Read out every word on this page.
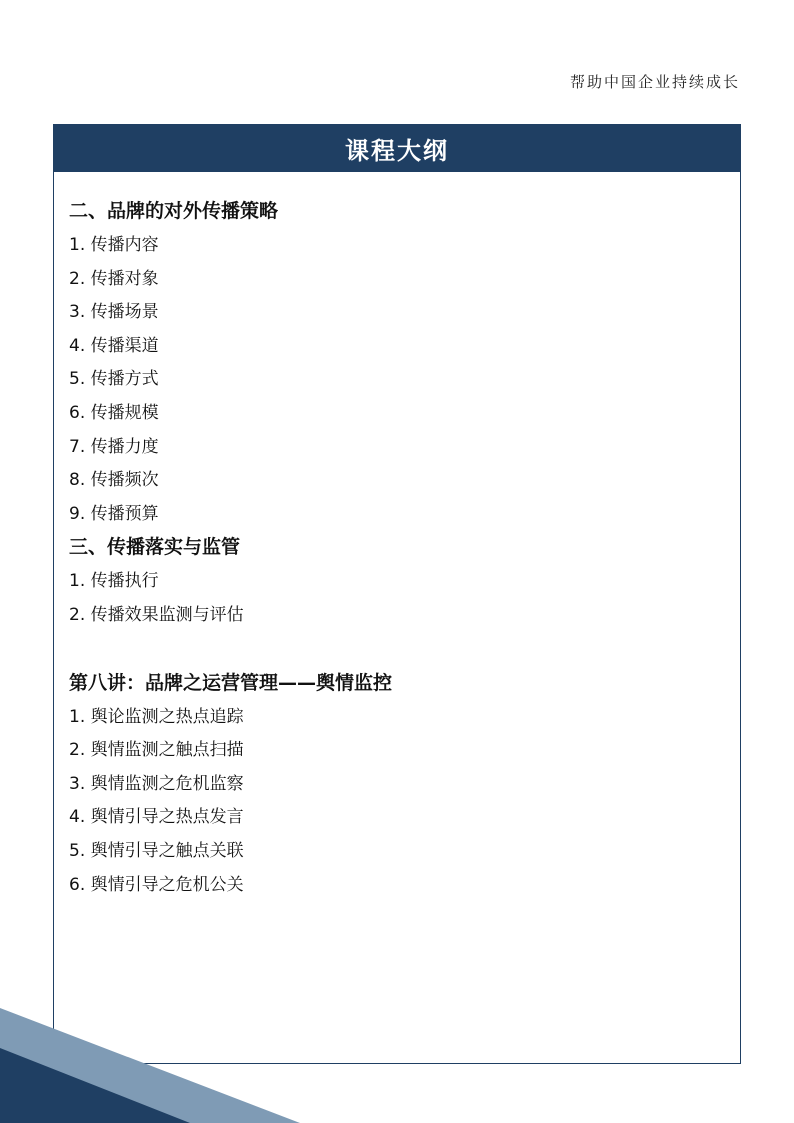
帮助中国企业持续成长
课程大纲
二、品牌的对外传播策略
1. 传播内容
2. 传播对象
3. 传播场景
4. 传播渠道
5. 传播方式
6. 传播规模
7. 传播力度
8. 传播频次
9. 传播预算
三、传播落实与监管
1. 传播执行
2. 传播效果监测与评估
第八讲：品牌之运营管理——舆情监控
1. 舆论监测之热点追踪
2. 舆情监测之触点扫描
3. 舆情监测之危机监察
4. 舆情引导之热点发言
5. 舆情引导之触点关联
6. 舆情引导之危机公关
